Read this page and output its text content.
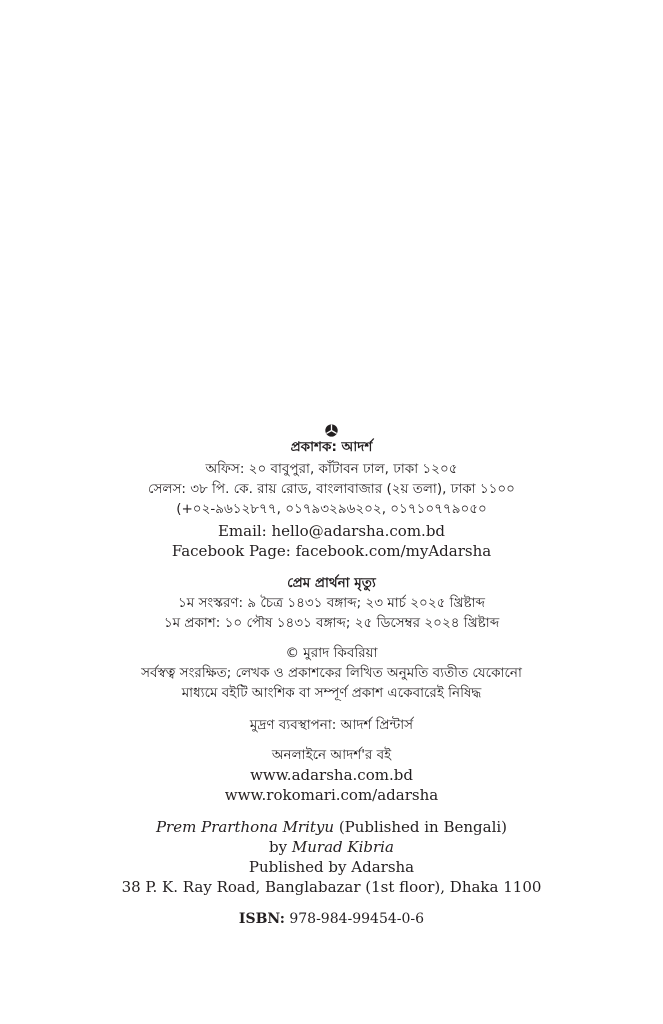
প্রকাশক: আদর্শ
অফিস: ২০ বাবুপুরা, কাঁটাবন ঢাল, ঢাকা ১২০৫
সেলস: ৩৮ পি. কে. রায় রোড, বাংলাবাজার (২য় তলা), ঢাকা ১১০০
(+০২-৯৬১২৮৭৭, ০১৭৯৩২৯৬২০২, ০১৭১০৭৭৯০৫০
Email: hello@adarsha.com.bd
Facebook Page: facebook.com/myAdarsha
প্রেম প্রার্থনা মৃত্যু
১ম সংস্করণ: ৯ চৈত্র ১৪৩১ বঙ্গাব্দ; ২৩ মার্চ ২০২৫ খ্রিষ্টাব্দ
১ম প্রকাশ: ১০ পৌষ ১৪৩১ বঙ্গাব্দ; ২৫ ডিসেম্বর ২০২৪ খ্রিষ্টাব্দ
© মুরাদ কিবরিয়া
সর্বস্বত্ব সংরক্ষিত; লেখক ও প্রকাশকের লিখিত অনুমতি ব্যতীত যেকোনো
মাধ্যমে বইটি আংশিক বা সম্পূর্ণ প্রকাশ একেবারেই নিষিদ্ধ
মুদ্রণ ব্যবস্থাপনা: আদর্শ প্রিন্টার্স
অনলাইনে আদর্শ'র বই
www.adarsha.com.bd
www.rokomari.com/adarsha
Prem Prarthona Mrityu (Published in Bengali)
by Murad Kibria
Published by Adarsha
38 P. K. Ray Road, Banglabazar (1st floor), Dhaka 1100
ISBN: 978-984-99454-0-6
